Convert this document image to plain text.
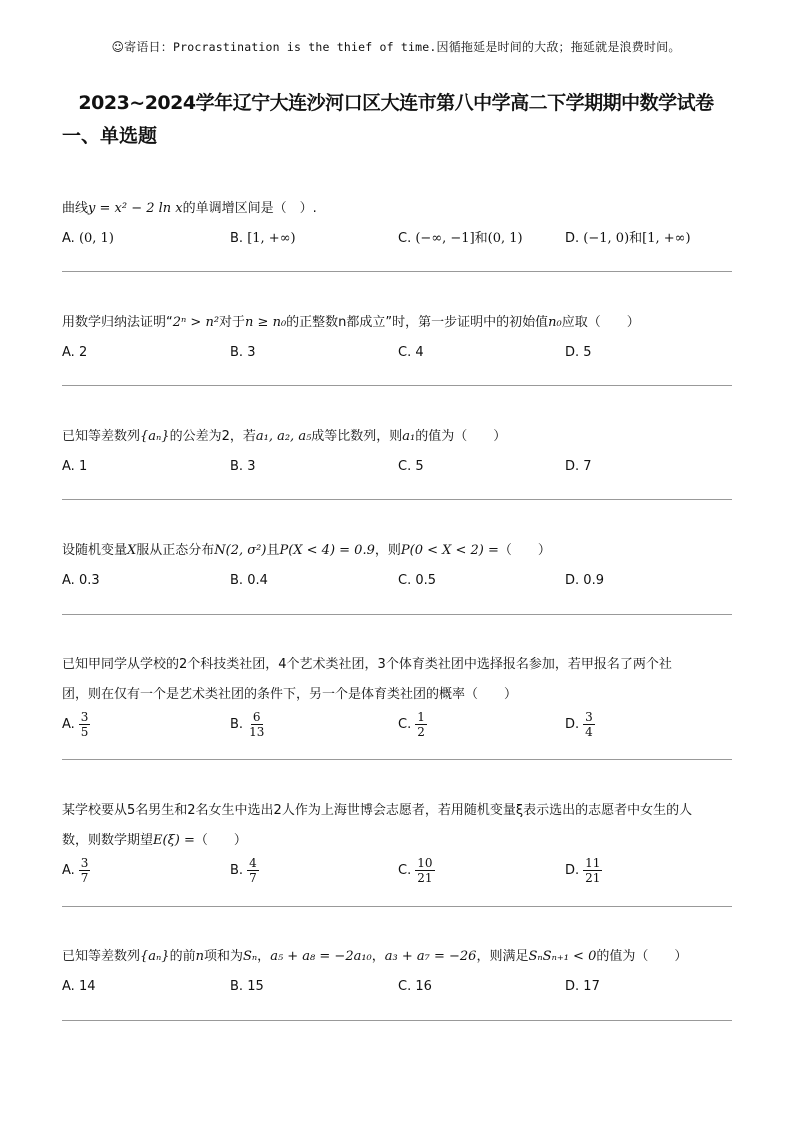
☺寄语日：Procrastination is the thief of time.因循拖延是时间的大敌；拖延就是浪费时间。
2023~2024学年辽宁大连沙河口区大连市第八中学高二下学期期中数学试卷
一、单选题

曲线y = x² − 2 ln x的单调增区间是（　）.

A. (0, 1)	B. [1, +∞)	C. (−∞, −1]和(0, 1)	D. (−1, 0)和[1, +∞)

用数学归纳法证明“2ⁿ > n²对于n ≥ n₀的正整数n都成立”时，第一步证明中的初始值n₀应取（　　）

A. 2	B. 3	C. 4	D. 5

已知等差数列{aₙ}的公差为2，若a₁, a₂, a₅成等比数列，则a₁的值为（　　）

A. 1	B. 3	C. 5	D. 7

设随机变量X服从正态分布N(2, σ²)且P(X < 4) = 0.9，则P(0 < X < 2) =（　　）

A. 0.3	B. 0.4	C. 0.5	D. 0.9

已知甲同学从学校的2个科技类社团，4个艺术类社团，3个体育类社团中选择报名参加，若甲报名了两个社

团，则在仅有一个是艺术类社团的条件下，另一个是体育类社团的概率（　　）

A. $\frac{3}{5}$	B. $\frac{6}{13}$	C. $\frac{1}{2}$	D. $\frac{3}{4}$

某学校要从5名男生和2名女生中选出2人作为上海世博会志愿者，若用随机变量ξ表示选出的志愿者中女生的人

数，则数学期望E(ξ) =（　　）

A. $\frac{3}{7}$	B. $\frac{4}{7}$	C. $\frac{10}{21}$	D. $\frac{11}{21}$

已知等差数列{aₙ}的前n项和为Sₙ，a₅ + a₈ = −2a₁₀，a₃ + a₇ = −26，则满足SₙSₙ₊₁ < 0的值为（　　）

A. 14	B. 15	C. 16	D. 17
